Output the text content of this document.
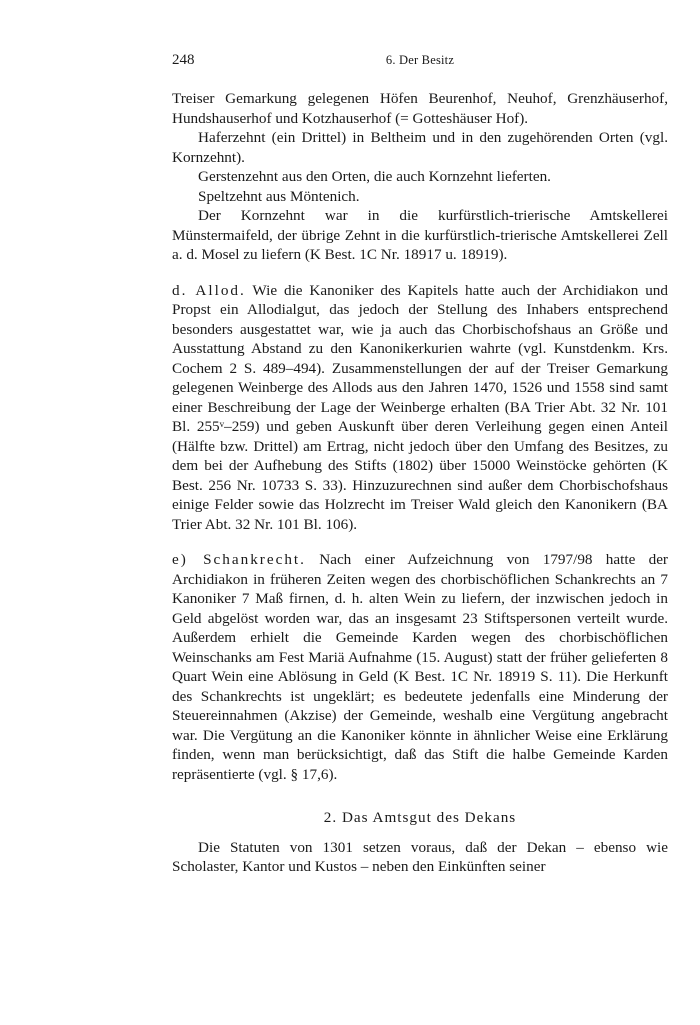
248	6. Der Besitz

Treiser Gemarkung gelegenen Höfen Beurenhof, Neuhof, Grenzhäuserhof, Hundshauserhof und Kotzhauserhof (= Gotteshäuser Hof).

Haferzehnt (ein Drittel) in Beltheim und in den zugehörenden Orten (vgl. Kornzehnt).

Gerstenzehnt aus den Orten, die auch Kornzehnt lieferten.

Speltzehnt aus Möntenich.

Der Kornzehnt war in die kurfürstlich-trierische Amtskellerei Münstermaifeld, der übrige Zehnt in die kurfürstlich-trierische Amtskellerei Zell a. d. Mosel zu liefern (K Best. 1C Nr. 18917 u. 18919).

d. Allod. Wie die Kanoniker des Kapitels hatte auch der Archidiakon und Propst ein Allodialgut, das jedoch der Stellung des Inhabers entsprechend besonders ausgestattet war, wie ja auch das Chorbischofshaus an Größe und Ausstattung Abstand zu den Kanonikerkurien wahrte (vgl. Kunstdenkm. Krs. Cochem 2 S. 489–494). Zusammenstellungen der auf der Treiser Gemarkung gelegenen Weinberge des Allods aus den Jahren 1470, 1526 und 1558 sind samt einer Beschreibung der Lage der Weinberge erhalten (BA Trier Abt. 32 Nr. 101 Bl. 255ᵛ–259) und geben Auskunft über deren Verleihung gegen einen Anteil (Hälfte bzw. Drittel) am Ertrag, nicht jedoch über den Umfang des Besitzes, zu dem bei der Aufhebung des Stifts (1802) über 15000 Weinstöcke gehörten (K Best. 256 Nr. 10733 S. 33). Hinzuzurechnen sind außer dem Chorbischofshaus einige Felder sowie das Holzrecht im Treiser Wald gleich den Kanonikern (BA Trier Abt. 32 Nr. 101 Bl. 106).

e) Schankrecht. Nach einer Aufzeichnung von 1797/98 hatte der Archidiakon in früheren Zeiten wegen des chorbischöflichen Schankrechts an 7 Kanoniker 7 Maß firnen, d. h. alten Wein zu liefern, der inzwischen jedoch in Geld abgelöst worden war, das an insgesamt 23 Stiftspersonen verteilt wurde. Außerdem erhielt die Gemeinde Karden wegen des chorbischöflichen Weinschanks am Fest Mariä Aufnahme (15. August) statt der früher gelieferten 8 Quart Wein eine Ablösung in Geld (K Best. 1C Nr. 18919 S. 11). Die Herkunft des Schankrechts ist ungeklärt; es bedeutete jedenfalls eine Minderung der Steuereinnahmen (Akzise) der Gemeinde, weshalb eine Vergütung angebracht war. Die Vergütung an die Kanoniker könnte in ähnlicher Weise eine Erklärung finden, wenn man berücksichtigt, daß das Stift die halbe Gemeinde Karden repräsentierte (vgl. § 17,6).

2. Das Amtsgut des Dekans

Die Statuten von 1301 setzen voraus, daß der Dekan – ebenso wie Scholaster, Kantor und Kustos – neben den Einkünften seiner
